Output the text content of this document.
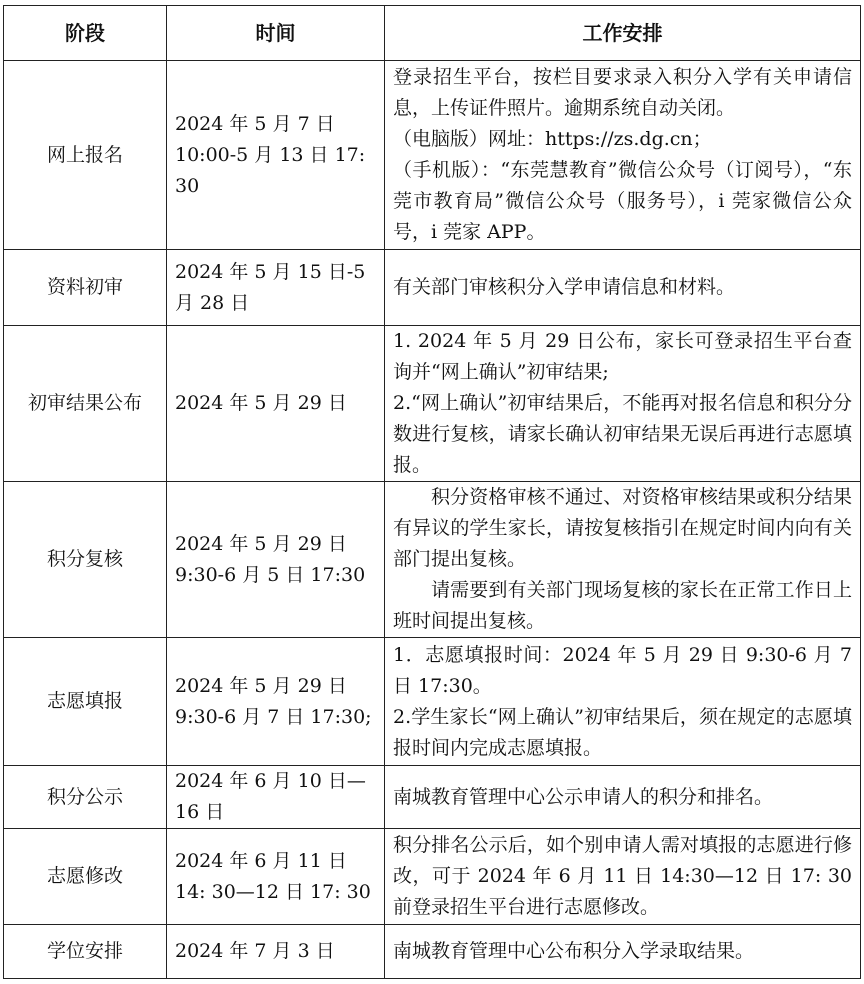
阶段	时间	工作安排
网上报名	2024 年 5 月 7 日 10:00-5 月 13 日 17: 30	登录招生平台，按栏目要求录入积分入学有关申请信息，上传证件照片。逾期系统自动关闭。
（电脑版）网址：https://zs.dg.cn；
（手机版）：“东莞慧教育”微信公众号（订阅号），“东莞市教育局”微信公众号（服务号），i 莞家微信公众号，i 莞家 APP。

资料初审	2024 年 5 月 15 日-5 月 28 日	有关部门审核积分入学申请信息和材料。

初审结果公布	2024 年 5 月 29 日	1. 2024 年 5 月 29 日公布，家长可登录招生平台查询并“网上确认”初审结果;
2.“网上确认”初审结果后，不能再对报名信息和积分分数进行复核，请家长确认初审结果无误后再进行志愿填报。

积分复核	2024 年 5 月 29 日 9:30-6 月 5 日 17:30	积分资格审核不通过、对资格审核结果或积分结果有异议的学生家长，请按复核指引在规定时间内向有关部门提出复核。
请需要到有关部门现场复核的家长在正常工作日上班时间提出复核。

志愿填报	2024 年 5 月 29 日 9:30-6 月 7 日 17:30;	1．志愿填报时间：2024 年 5 月 29 日 9:30-6 月 7 日 17:30。
2.学生家长“网上确认”初审结果后，须在规定的志愿填报时间内完成志愿填报。

积分公示	2024 年 6 月 10 日—16 日	南城教育管理中心公示申请人的积分和排名。

志愿修改	2024 年 6 月 11 日 14: 30—12 日 17: 30	积分排名公示后，如个别申请人需对填报的志愿进行修改，可于 2024 年 6 月 11 日 14:30—12 日 17: 30 前登录招生平台进行志愿修改。

学位安排	2024 年 7 月 3 日	南城教育管理中心公布积分入学录取结果。
